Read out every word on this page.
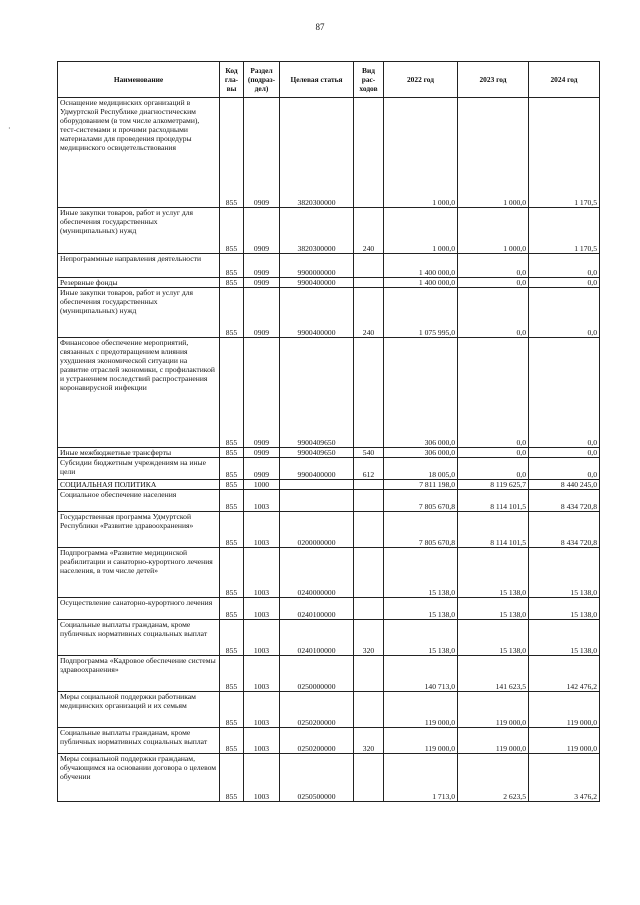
87
·
Наименование	Код гла-вы	Раздел (подраз-дел)	Целевая статья	Вид рас-ходов	2022 год	2023 год	2024 год
Оснащение медицинских организаций в Удмуртской Республике диагностическим оборудованием (в том числе алкометрами), тест-системами и прочими расходными материалами для проведения процедуры медицинского освидетельствования	855	0909	3820300000		1 000,0	1 000,0	1 170,5
Иные закупки товаров, работ и услуг для обеспечения государственных (муниципальных) нужд	855	0909	3820300000	240	1 000,0	1 000,0	1 170,5
Непрограммные направления деятельности	855	0909	9900000000		1 400 000,0	0,0	0,0
Резервные фонды	855	0909	9900400000		1 400 000,0	0,0	0,0
Иные закупки товаров, работ и услуг для обеспечения государственных (муниципальных) нужд	855	0909	9900400000	240	1 075 995,0	0,0	0,0
Финансовое обеспечение мероприятий, связанных с предотвращением влияния ухудшения экономической ситуации на развитие отраслей экономики, с профилактикой и устранением последствий распространения коронавирусной инфекции	855	0909	9900409650		306 000,0	0,0	0,0
Иные межбюджетные трансферты	855	0909	9900409650	540	306 000,0	0,0	0,0
Субсидии бюджетным учреждениям на иные цели	855	0909	9900400000	612	18 005,0	0,0	0,0
СОЦИАЛЬНАЯ ПОЛИТИКА	855	1000			7 811 198,0	8 119 625,7	8 440 245,0
Социальное обеспечение населения	855	1003			7 805 670,8	8 114 101,5	8 434 720,8
Государственная программа Удмуртской Республики «Развитие здравоохранения»	855	1003	0200000000		7 805 670,8	8 114 101,5	8 434 720,8
Подпрограмма «Развитие медицинской реабилитации и санаторно-курортного лечения населения, в том числе детей»	855	1003	0240000000		15 138,0	15 138,0	15 138,0
Осуществление санаторно-курортного лечения	855	1003	0240100000		15 138,0	15 138,0	15 138,0
Социальные выплаты гражданам, кроме публичных нормативных социальных выплат	855	1003	0240100000	320	15 138,0	15 138,0	15 138,0
Подпрограмма «Кадровое обеспечение системы здравоохранения»	855	1003	0250000000		140 713,0	141 623,5	142 476,2
Меры социальной поддержки работникам медицинских организаций и их семьям	855	1003	0250200000		119 000,0	119 000,0	119 000,0
Социальные выплаты гражданам, кроме публичных нормативных социальных выплат	855	1003	0250200000	320	119 000,0	119 000,0	119 000,0
Меры социальной поддержки гражданам, обучающимся на основании договора о целевом обучении	855	1003	0250500000		1 713,0	2 623,5	3 476,2
